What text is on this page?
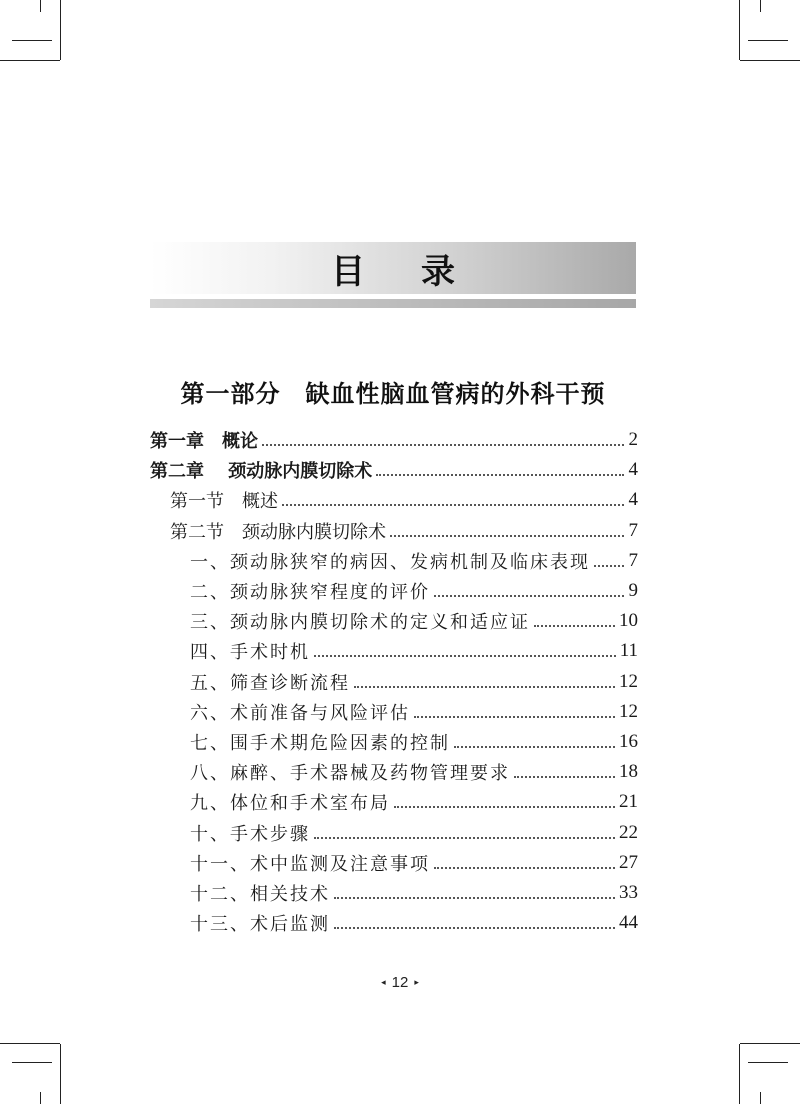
目录
第一部分　缺血性脑血管病的外科干预
第一章　概论	2
第二章　 颈动脉内膜切除术	4
第一节　概述	4
第二节　颈动脉内膜切除术	7
一、颈动脉狭窄的病因、发病机制及临床表现 7
二、颈动脉狭窄程度的评价	9
三、颈动脉内膜切除术的定义和适应证	10
四、手术时机	11
五、筛查诊断流程	12
六、术前准备与风险评估	12
七、围手术期危险因素的控制	16
八、麻醉、手术器械及药物管理要求	18
九、体位和手术室布局	21
十、手术步骤	22
十一、术中监测及注意事项	27
十二、相关技术	33
十三、术后监测	44
◂ 12 ▸
